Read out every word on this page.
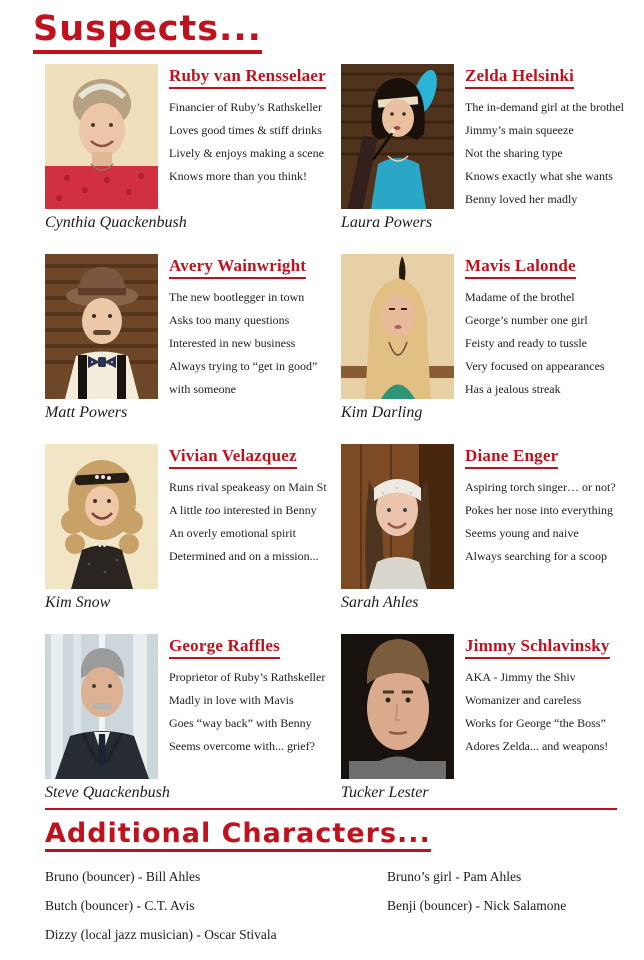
Suspects...
Cynthia Quackenbush
Ruby van Rensselaer
Financier of Ruby’s Rathskeller
Loves good times & stiff drinks
Lively & enjoys making a scene
Knows more than you think!
Laura Powers
Zelda Helsinki
The in-demand girl at the brothel
Jimmy’s main squeeze
Not the sharing type
Knows exactly what she wants
Benny loved her madly
Matt Powers
Avery Wainwright
The new bootlegger in town
Asks too many questions
Interested in new business
Always trying to “get in good”
with someone
Kim Darling
Mavis Lalonde
Madame of the brothel
George’s number one girl
Feisty and ready to tussle
Very focused on appearances
Has a jealous streak
Kim Snow
Vivian Velazquez
Runs rival speakeasy on Main St
A little too interested in Benny
An overly emotional spirit
Determined and on a mission...
Sarah Ahles
Diane Enger
Aspiring torch singer… or not?
Pokes her nose into everything
Seems young and naive
Always searching for a scoop
Steve Quackenbush
George Raffles
Proprietor of Ruby’s Rathskeller
Madly in love with Mavis
Goes “way back” with Benny
Seems overcome with... grief?
Tucker Lester
Jimmy Schlavinsky
AKA - Jimmy the Shiv
Womanizer and careless
Works for George “the Boss”
Adores Zelda... and weapons!
Additional Characters...
Bruno (bouncer) - Bill Ahles	Bruno’s girl - Pam Ahles
Butch (bouncer) - C.T. Avis	Benji (bouncer) - Nick Salamone
Dizzy (local jazz musician) - Oscar Stivala
